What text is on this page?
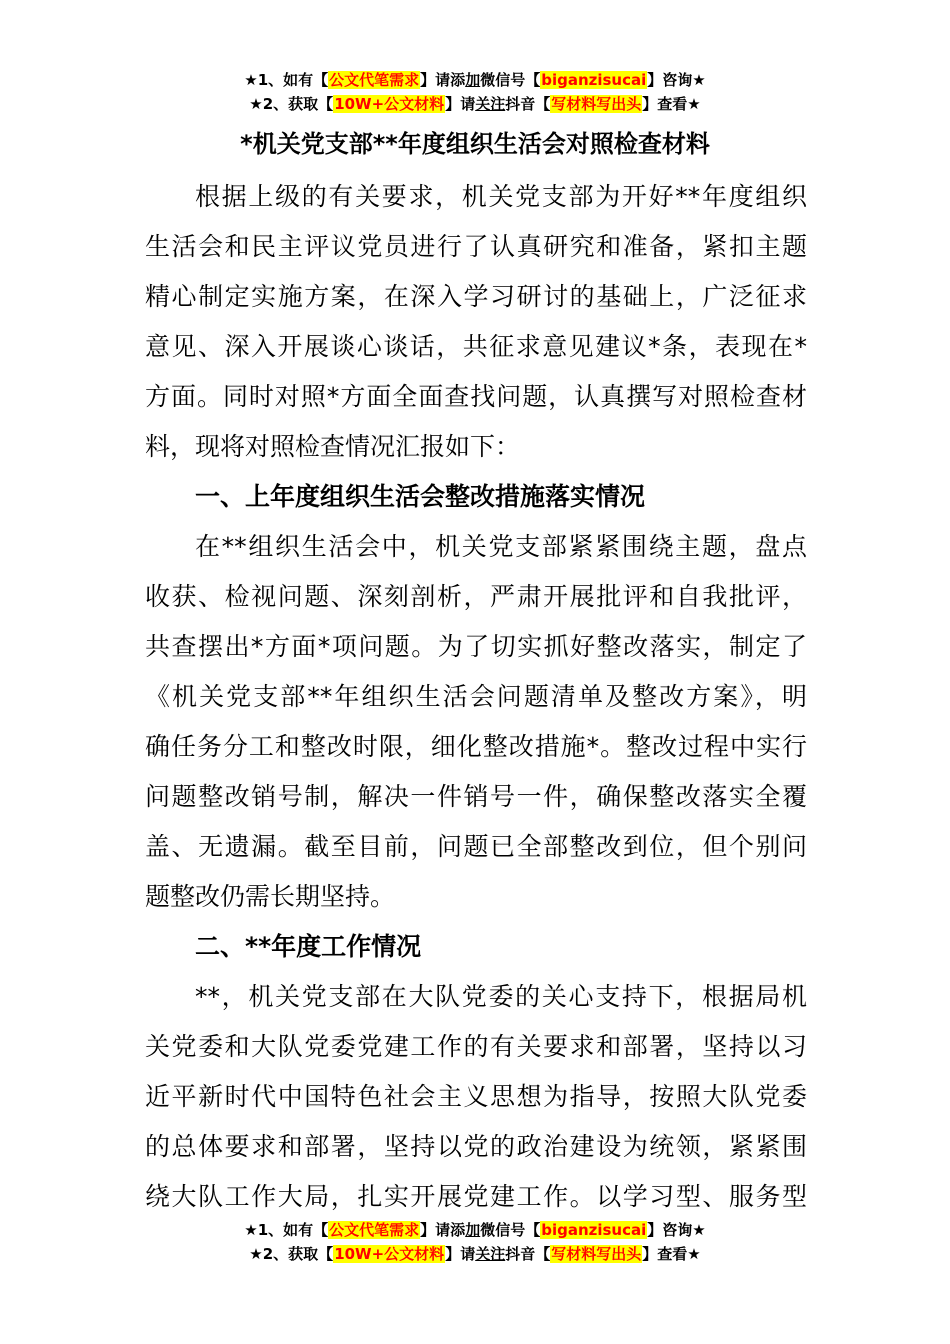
★1、如有【公文代笔需求】请添加微信号【biganzisucai】咨询★
★2、获取【10W+公文材料】请关注抖音【写材料写出头】查看★
*机关党支部**年度组织生活会对照检查材料
根据上级的有关要求，机关党支部为开好**年度组织
生活会和民主评议党员进行了认真研究和准备，紧扣主题
精心制定实施方案，在深入学习研讨的基础上，广泛征求
意见、深入开展谈心谈话，共征求意见建议*条，表现在*
方面。同时对照*方面全面查找问题，认真撰写对照检查材
料，现将对照检查情况汇报如下：
一、上年度组织生活会整改措施落实情况
在**组织生活会中，机关党支部紧紧围绕主题，盘点
收获、检视问题、深刻剖析，严肃开展批评和自我批评，
共查摆出*方面*项问题。为了切实抓好整改落实，制定了
《机关党支部**年组织生活会问题清单及整改方案》，明
确任务分工和整改时限，细化整改措施*。整改过程中实行
问题整改销号制，解决一件销号一件，确保整改落实全覆
盖、无遗漏。截至目前，问题已全部整改到位，但个别问
题整改仍需长期坚持。
二、**年度工作情况
**，机关党支部在大队党委的关心支持下，根据局机
关党委和大队党委党建工作的有关要求和部署，坚持以习
近平新时代中国特色社会主义思想为指导，按照大队党委
的总体要求和部署，坚持以党的政治建设为统领，紧紧围
绕大队工作大局，扎实开展党建工作。以学习型、服务型
★1、如有【公文代笔需求】请添加微信号【biganzisucai】咨询★
★2、获取【10W+公文材料】请关注抖音【写材料写出头】查看★
